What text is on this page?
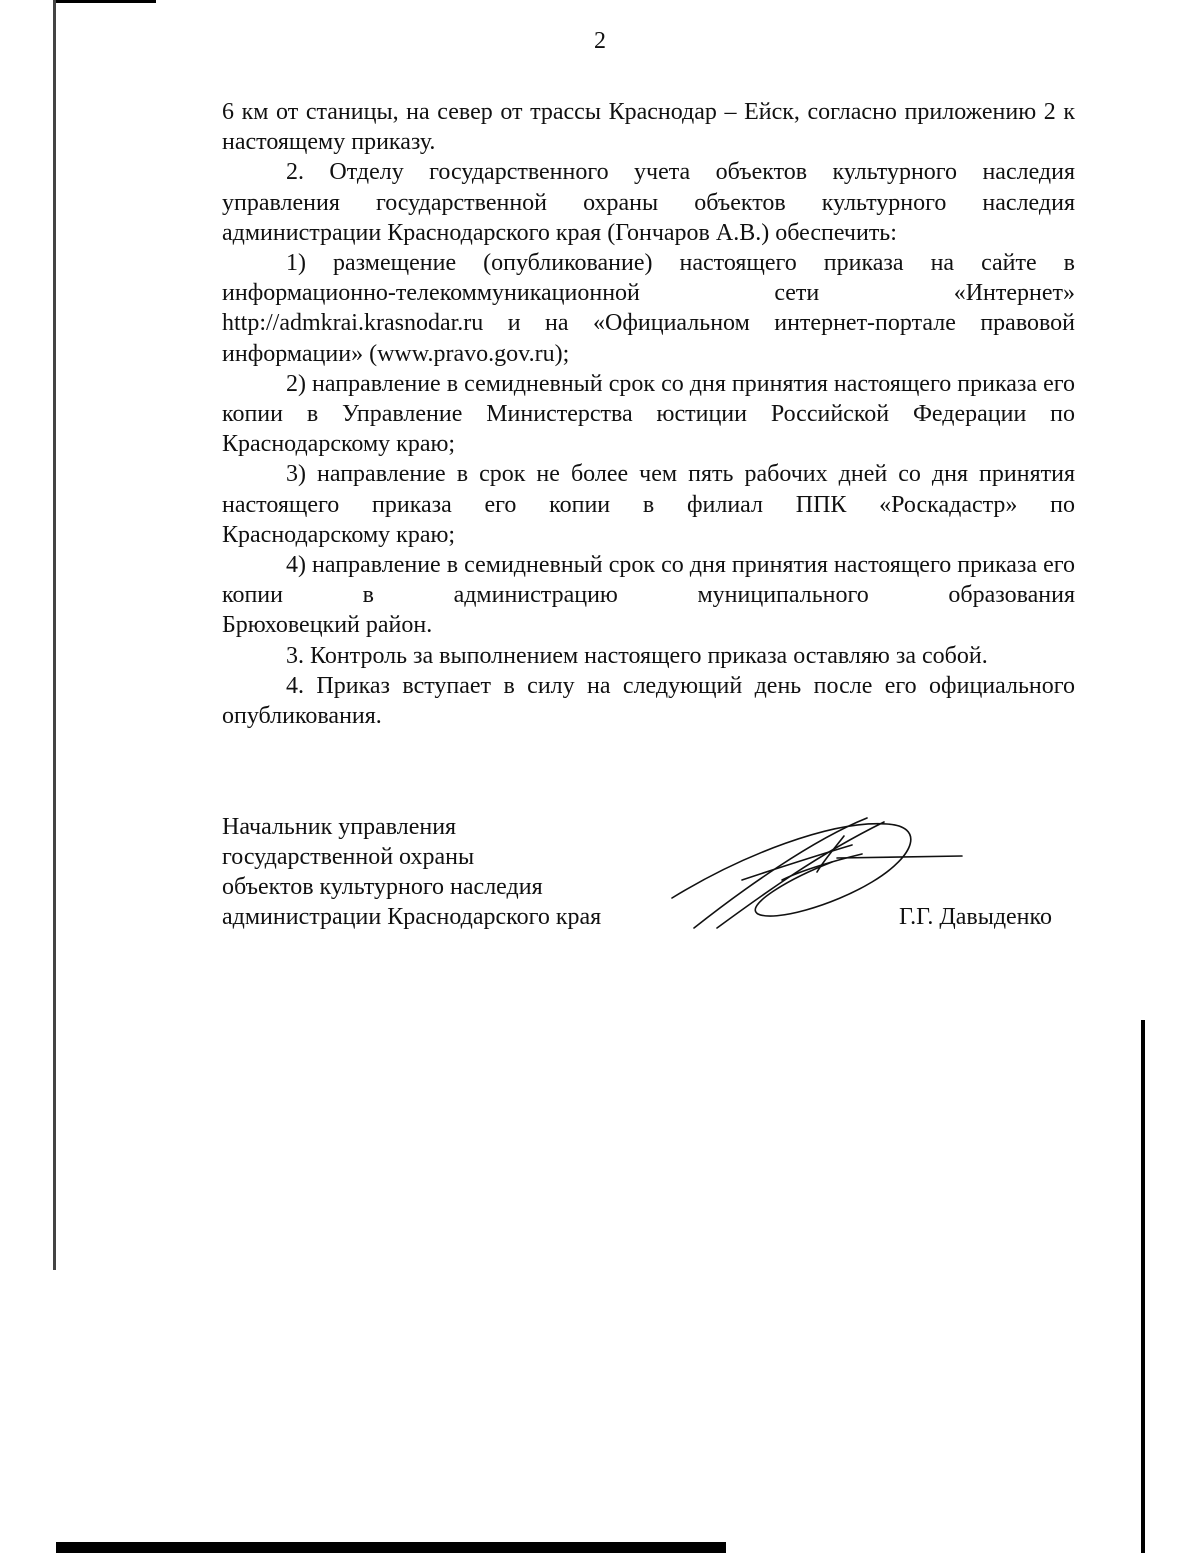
2

6 км от станицы, на север от трассы Краснодар – Ейск, согласно приложению 2 к настоящему приказу.

2. Отделу государственного учета объектов культурного наследия управления государственной охраны объектов культурного наследия администрации Краснодарского края (Гончаров А.В.) обеспечить:

1) размещение (опубликование) настоящего приказа на сайте в информационно-телекоммуникационной сети «Интернет» http://admkrai.krasnodar.ru и на «Официальном интернет-портале правовой информации» (www.pravo.gov.ru);

2) направление в семидневный срок со дня принятия настоящего приказа его копии в Управление Министерства юстиции Российской Федерации по Краснодарскому краю;

3) направление в срок не более чем пять рабочих дней со дня принятия настоящего приказа его копии в филиал ППК «Роскадастр» по
Краснодарскому краю;

4) направление в семидневный срок со дня принятия настоящего приказа его копии в администрацию муниципального образования
Брюховецкий район.

3. Контроль за выполнением настоящего приказа оставляю за собой.

4. Приказ вступает в силу на следующий день после его официального опубликования.

Начальник управления
государственной охраны
объектов культурного наследия
администрации Краснодарского края	Г.Г. Давыденко
